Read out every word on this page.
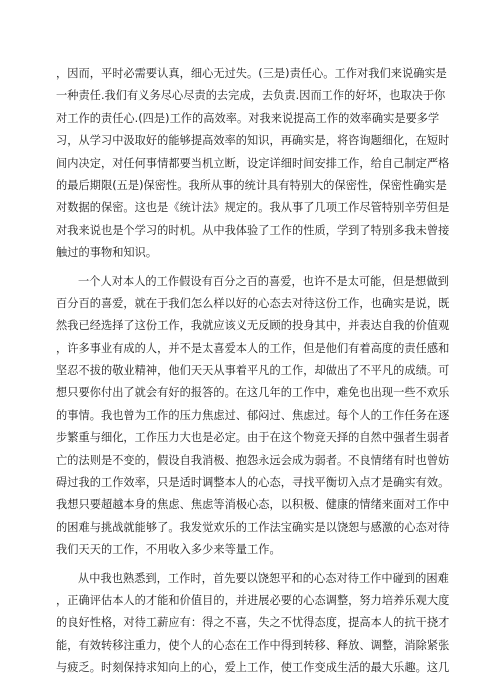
，因而，平时必需要认真，细心无过失。(三是)责任心。工作对我们来说确实是
一种责任.我们有义务尽心尽责的去完成，去负责.因而工作的好坏，也取决于你
对工作的责任心.(四是)工作的高效率。对我来说提高工作的效率确实是要多学
习，从学习中汲取好的能够提高效率的知识，再确实是，将咨询题细化，在短时
间内决定，对任何事情都要当机立断，设定详细时间安排工作，给自己制定严格
的最后期限(五是)保密性。我所从事的统计具有特别大的保密性，保密性确实是
对数据的保密。这也是《统计法》规定的。我从事了几项工作尽管特别辛劳但是
对我来说也是个学习的时机。从中我体验了工作的性质，学到了特别多我未曾接
触过的事物和知识。
一个人对本人的工作假设有百分之百的喜爱，也许不是太可能，但是想做到
百分百的喜爱，就在于我们怎么样以好的心态去对待这份工作，也确实是说，既
然我已经选择了这份工作，我就应该义无反顾的投身其中，并表达自我的价值观
，许多事业有成的人，并不是太喜爱本人的工作，但是他们有着高度的责任感和
坚忍不拔的敬业精神，他们天天从事着平凡的工作，却做出了不平凡的成绩。可
想只要你付出了就会有好的报答的。在这几年的工作中，难免也出现一些不欢乐
的事情。我也曾为工作的压力焦虑过、郁闷过、焦虑过。每个人的工作任务在逐
步繁重与细化，工作压力大也是必定。由于在这个物竞天择的自然中强者生弱者
亡的法则是不变的，假设自我消极、抱怨永远会成为弱者。不良情绪有时也曾妨
碍过我的工作效率，只是适时调整本人的心态，寻找平衡切入点才是确实有效。
我想只要超越本身的焦虑、焦虑等消极心态，以积极、健康的情绪来面对工作中
的困难与挑战就能够了。我发觉欢乐的工作法宝确实是以饶恕与感激的心态对待
我们天天的工作，不用收入多少来等量工作。
从中我也熟悉到，工作时，首先要以饶恕平和的心态对待工作中碰到的困难
，正确评估本人的才能和价值目的，并进展必要的心态调整，努力培养乐观大度
的良好性格，对待工薪应有：得之不喜，失之不忧得态度，提高本人的抗干挠才
能，有效转移注重力，使个人的心态在工作中得到转移、释放、调整，消除紧张
与疲乏。时刻保持求知向上的心，爱上工作，使工作变成生活的最大乐趣。这几
